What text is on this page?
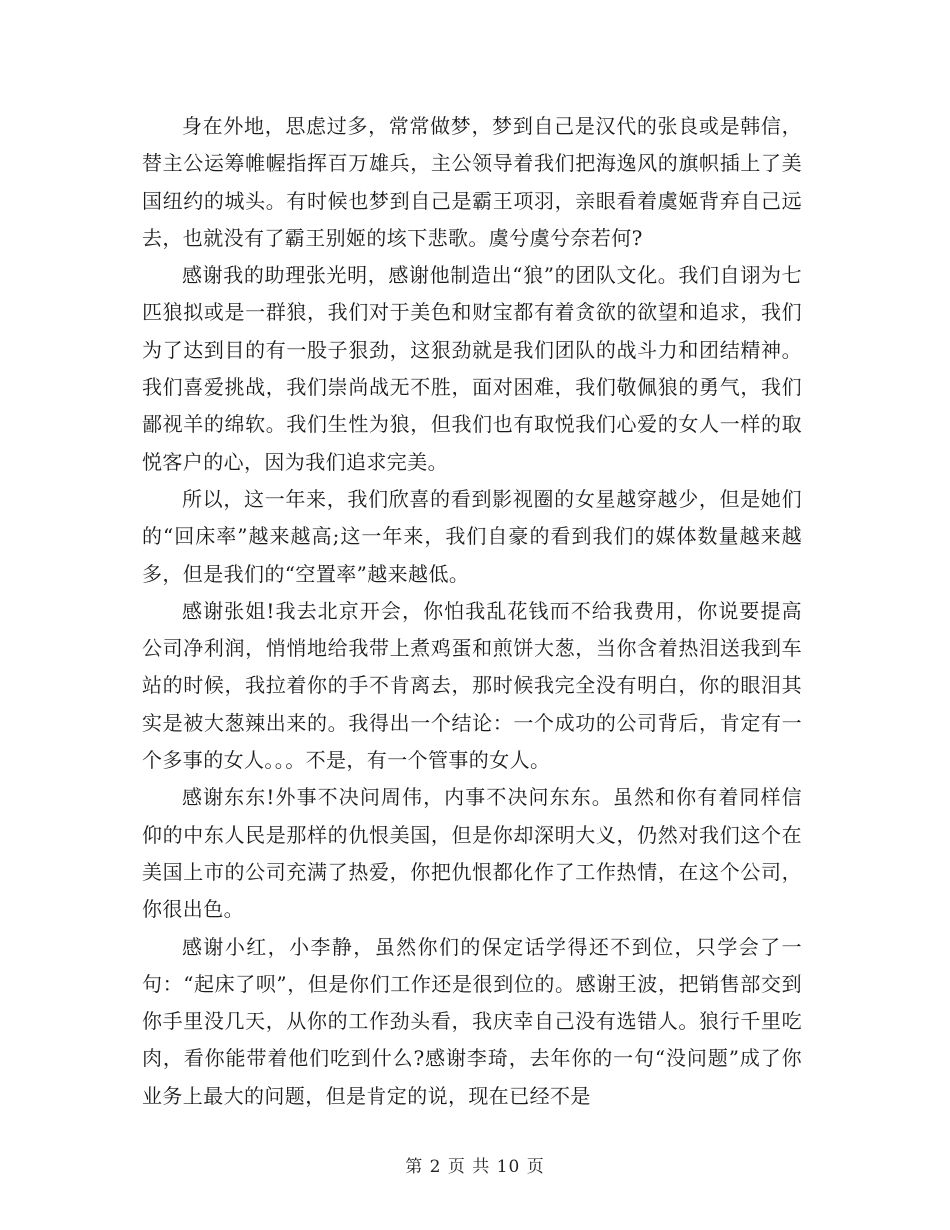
身在外地，思虑过多，常常做梦，梦到自己是汉代的张良或是韩信，替主公运筹帷幄指挥百万雄兵，主公领导着我们把海逸风的旗帜插上了美国纽约的城头。有时候也梦到自己是霸王项羽，亲眼看着虞姬背弃自己远去，也就没有了霸王别姬的垓下悲歌。虞兮虞兮奈若何?

感谢我的助理张光明，感谢他制造出“狼”的团队文化。我们自诩为七匹狼拟或是一群狼，我们对于美色和财宝都有着贪欲的欲望和追求，我们为了达到目的有一股子狠劲，这狠劲就是我们团队的战斗力和团结精神。我们喜爱挑战，我们崇尚战无不胜，面对困难，我们敬佩狼的勇气，我们鄙视羊的绵软。我们生性为狼，但我们也有取悦我们心爱的女人一样的取悦客户的心，因为我们追求完美。

所以，这一年来，我们欣喜的看到影视圈的女星越穿越少，但是她们的“回床率”越来越高;这一年来，我们自豪的看到我们的媒体数量越来越多，但是我们的“空置率”越来越低。

感谢张姐!我去北京开会，你怕我乱花钱而不给我费用，你说要提高公司净利润，悄悄地给我带上煮鸡蛋和煎饼大葱，当你含着热泪送我到车站的时候，我拉着你的手不肯离去，那时候我完全没有明白，你的眼泪其实是被大葱辣出来的。我得出一个结论：一个成功的公司背后，肯定有一个多事的女人。。。不是，有一个管事的女人。

感谢东东!外事不决问周伟，内事不决问东东。虽然和你有着同样信仰的中东人民是那样的仇恨美国，但是你却深明大义，仍然对我们这个在美国上市的公司充满了热爱，你把仇恨都化作了工作热情，在这个公司，你很出色。

感谢小红，小李静，虽然你们的保定话学得还不到位，只学会了一句：“起床了呗”，但是你们工作还是很到位的。感谢王波，把销售部交到你手里没几天，从你的工作劲头看，我庆幸自己没有选错人。狼行千里吃肉，看你能带着他们吃到什么?感谢李琦，去年你的一句“没问题”成了你业务上最大的问题，但是肯定的说，现在已经不是

第 2 页 共 10 页
